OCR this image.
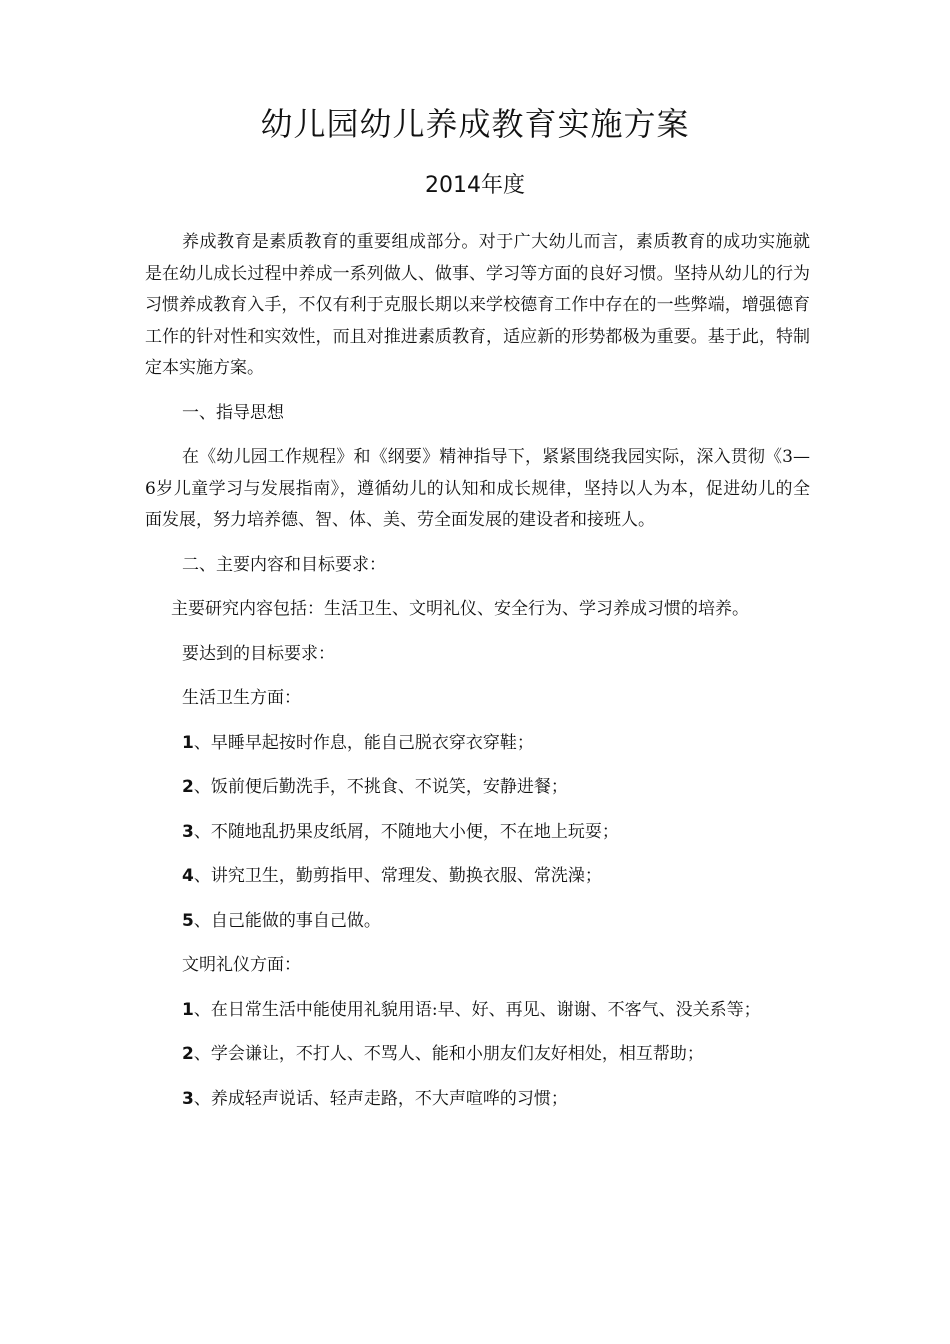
幼儿园幼儿养成教育实施方案
2014年度

养成教育是素质教育的重要组成部分。对于广大幼儿而言，素质教育的成功实施就是在幼儿成长过程中养成一系列做人、做事、学习等方面的良好习惯。坚持从幼儿的行为习惯养成教育入手，不仅有利于克服长期以来学校德育工作中存在的一些弊端，增强德育工作的针对性和实效性，而且对推进素质教育，适应新的形势都极为重要。基于此，特制定本实施方案。

一、指导思想

在《幼儿园工作规程》和《纲要》精神指导下，紧紧围绕我园实际，深入贯彻《3—6岁儿童学习与发展指南》，遵循幼儿的认知和成长规律，坚持以人为本，促进幼儿的全面发展，努力培养德、智、体、美、劳全面发展的建设者和接班人。

二、主要内容和目标要求：

主要研究内容包括：生活卫生、文明礼仪、安全行为、学习养成习惯的培养。

要达到的目标要求：

生活卫生方面：

1、早睡早起按时作息，能自己脱衣穿衣穿鞋；

2、饭前便后勤洗手，不挑食、不说笑，安静进餐；

3、不随地乱扔果皮纸屑，不随地大小便，不在地上玩耍；

4、讲究卫生，勤剪指甲、常理发、勤换衣服、常洗澡；

5、自己能做的事自己做。

文明礼仪方面：

1、在日常生活中能使用礼貌用语:早、好、再见、谢谢、不客气、没关系等；

2、学会谦让，不打人、不骂人、能和小朋友们友好相处，相互帮助；

3、养成轻声说话、轻声走路，不大声喧哗的习惯；
